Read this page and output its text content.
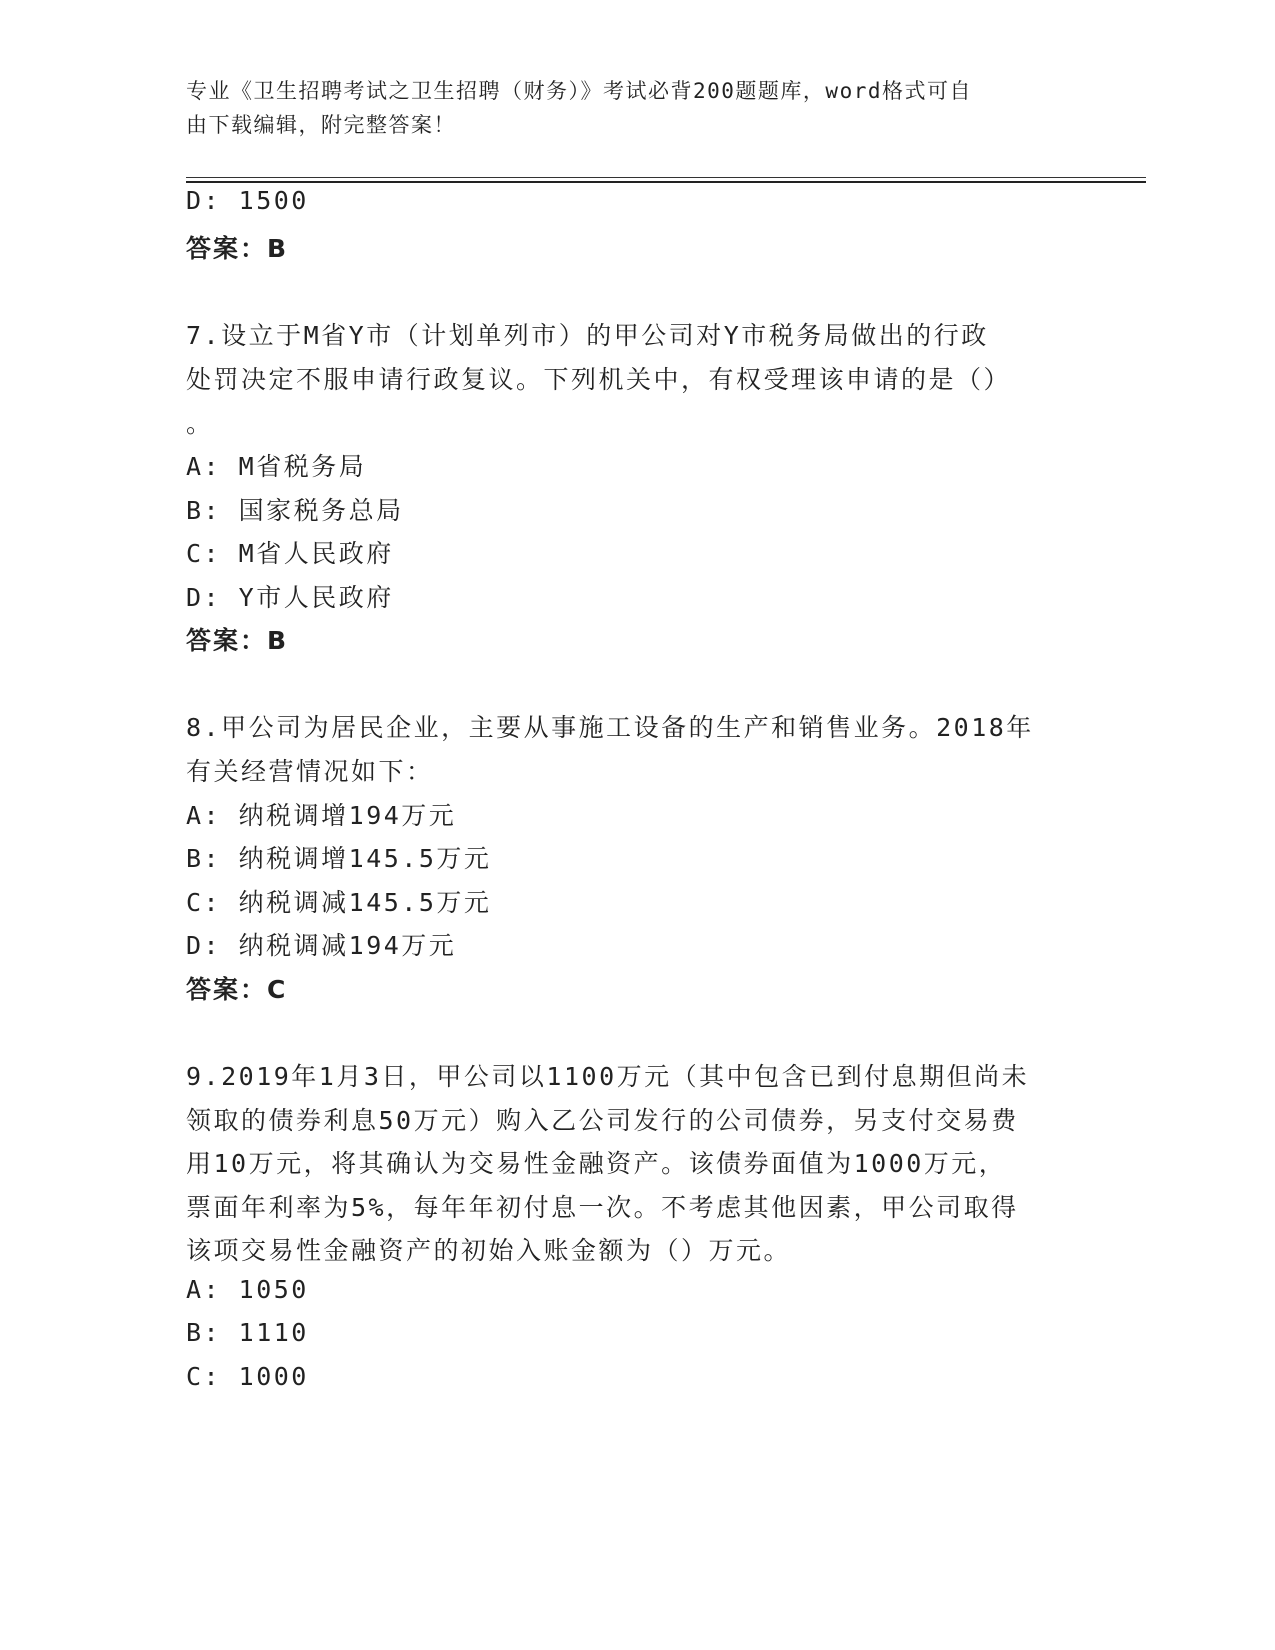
专业《卫生招聘考试之卫生招聘（财务）》考试必背200题题库，word格式可自
由下载编辑，附完整答案！
D: 1500
答案：B
7.设立于M省Y市（计划单列市）的甲公司对Y市税务局做出的行政
处罚决定不服申请行政复议。下列机关中，有权受理该申请的是（）
。
A: M省税务局
B: 国家税务总局
C: M省人民政府
D: Y市人民政府
答案：B
8.甲公司为居民企业，主要从事施工设备的生产和销售业务。2018年
有关经营情况如下：
A: 纳税调增194万元
B: 纳税调增145.5万元
C: 纳税调减145.5万元
D: 纳税调减194万元
答案：C
9.2019年1月3日，甲公司以1100万元（其中包含已到付息期但尚未
领取的债券利息50万元）购入乙公司发行的公司债券，另支付交易费
用10万元，将其确认为交易性金融资产。该债券面值为1000万元，
票面年利率为5%，每年年初付息一次。不考虑其他因素，甲公司取得
该项交易性金融资产的初始入账金额为（）万元。
A: 1050
B: 1110
C: 1000
